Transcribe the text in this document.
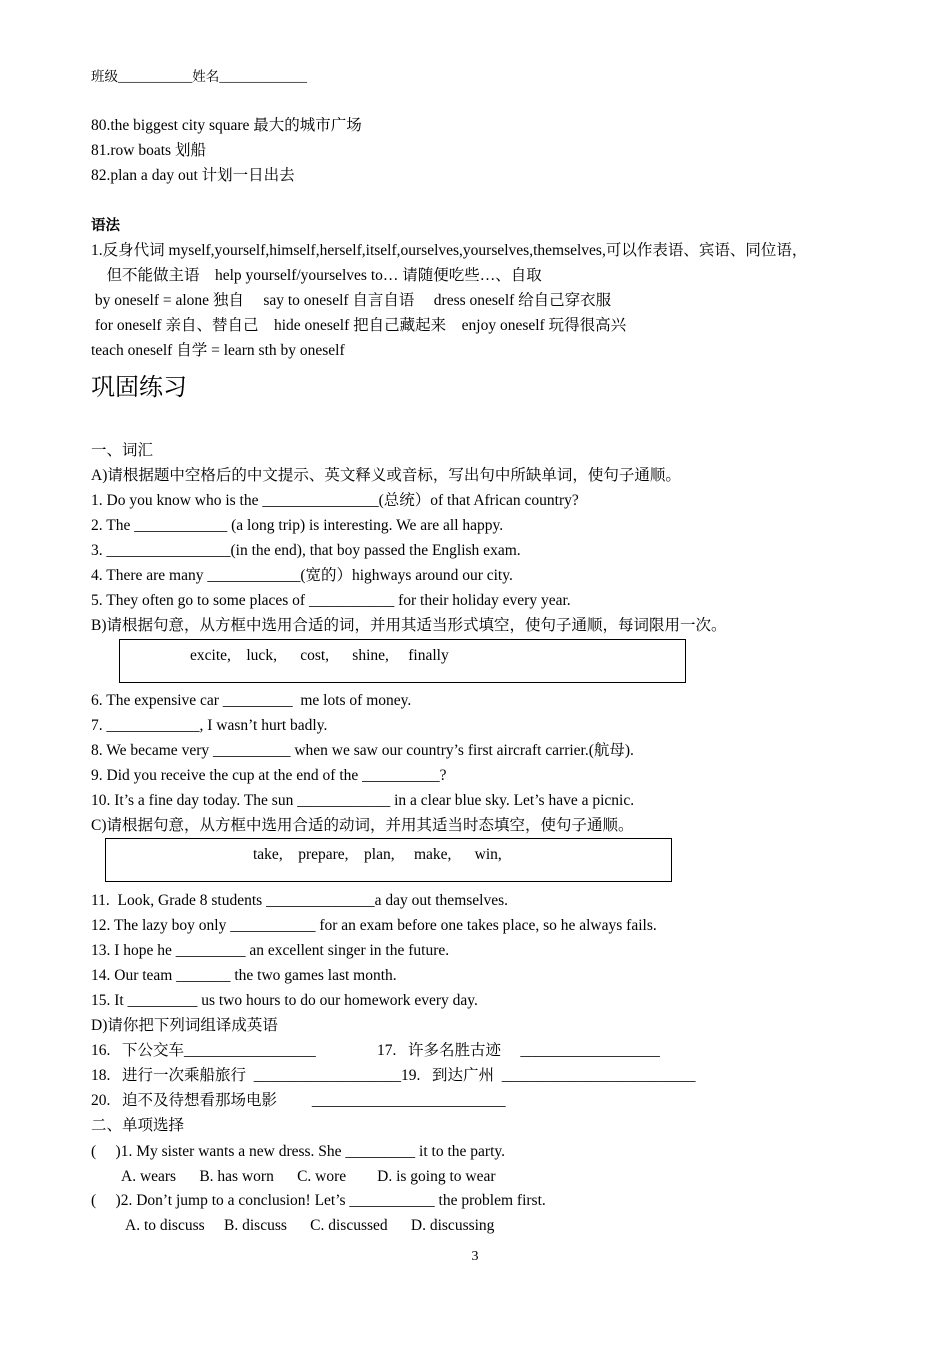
班级___________姓名_____________
80.the biggest city square 最大的城市广场
81.row boats 划船
82.plan a day out 计划一日出去
语法
1.反身代词 myself,yourself,himself,herself,itself,ourselves,yourselves,themselves,可以作表语、宾语、同位语，
但不能做主语    help yourself/yourselves to… 请随便吃些…、自取
by oneself = alone 独自     say to oneself 自言自语     dress oneself 给自己穿衣服
for oneself 亲自、替自己    hide oneself 把自己藏起来    enjoy oneself 玩得很高兴
teach oneself 自学 = learn sth by oneself
巩固练习
一、词汇
A)请根据题中空格后的中文提示、英文释义或音标，写出句中所缺单词，使句子通顺。
1. Do you know who is the _______________(总统）of that African country?
2. The ____________ (a long trip) is interesting. We are all happy.
3. ________________(in the end), that boy passed the English exam.
4. There are many ____________(宽的）highways around our city.
5. They often go to some places of ___________ for their holiday every year.
B)请根据句意，从方框中选用合适的词，并用其适当形式填空，使句子通顺，每词限用一次。
excite,    luck,      cost,      shine,     finally
6. The expensive car _________  me lots of money.
7. ____________, I wasn’t hurt badly.
8. We became very __________ when we saw our country’s first aircraft carrier.(航母).
9. Did you receive the cup at the end of the __________?
10. It’s a fine day today. The sun ____________ in a clear blue sky. Let’s have a picnic.
C)请根据句意，从方框中选用合适的动词，并用其适当时态填空，使句子通顺。
take,    prepare,    plan,     make,      win,
11.  Look, Grade 8 students ______________a day out themselves.
12. The lazy boy only ___________ for an exam before one takes place, so he always fails.
13. I hope he _________ an excellent singer in the future.
14. Our team _______ the two games last month.
15. It _________ us two hours to do our homework every day.
D)请你把下列词组译成英语
16.   下公交车_________________	17.   许多名胜古迹     __________________
18.   进行一次乘船旅行  ___________________19.   到达广州  _________________________
20.   迫不及待想看那场电影         _________________________
二、单项选择
(     )1. My sister wants a new dress. She _________ it to the party.
A. wears      B. has worn      C. wore        D. is going to wear
(     )2. Don’t jump to a conclusion! Let’s ___________ the problem first.
A. to discuss     B. discuss      C. discussed      D. discussing
3
